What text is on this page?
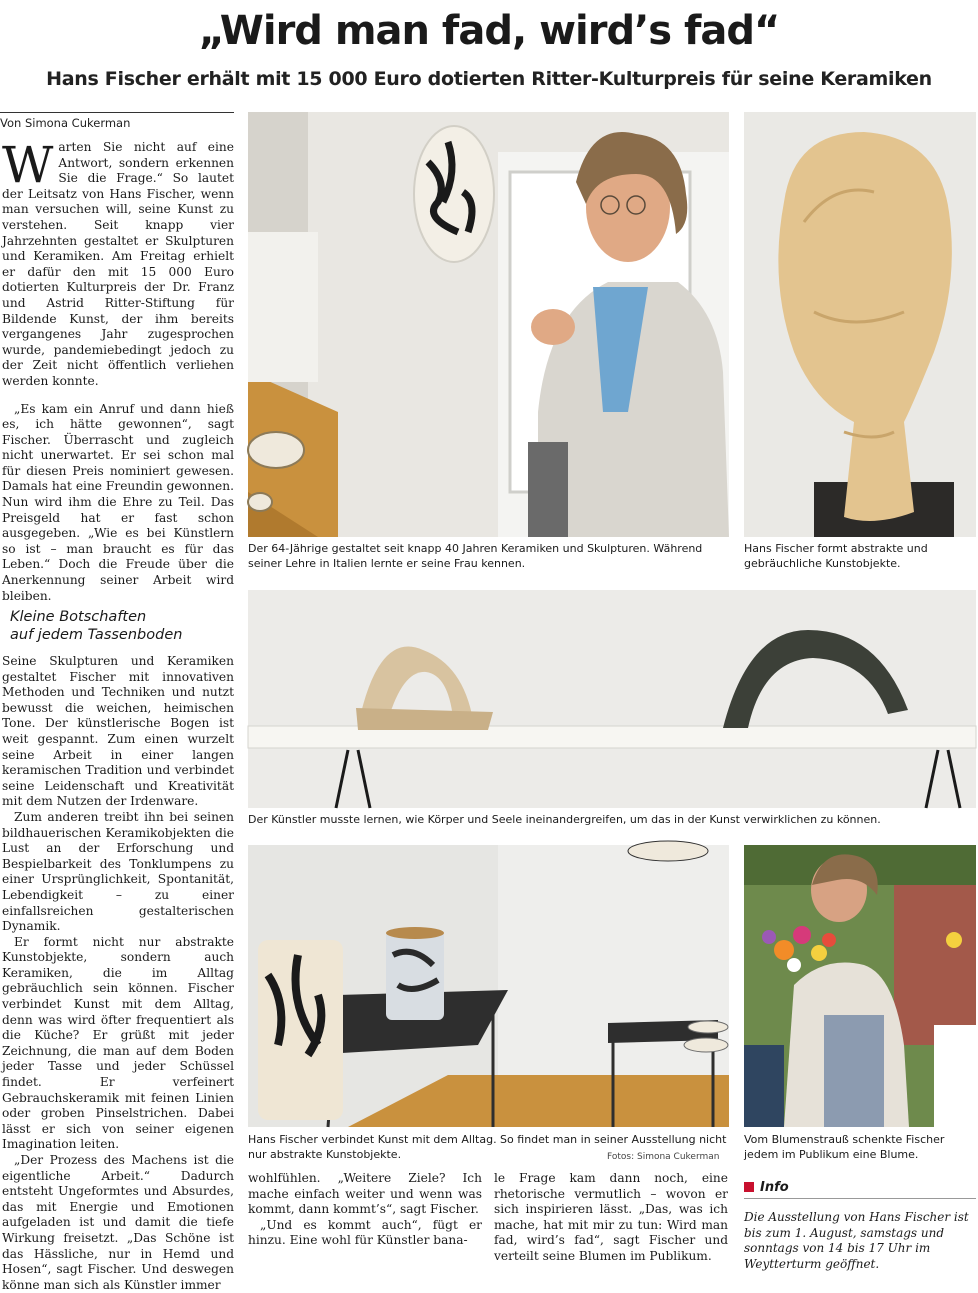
„Wird man fad, wird’s fad“
Hans Fischer erhält mit 15 000 Euro dotierten Ritter-Kulturpreis für seine Keramiken
Von Simona Cukerman

Warten Sie nicht auf eine Antwort, sondern erkennen Sie die Frage.“ So lautet der Leitsatz von Hans Fischer, wenn man versuchen will, seine Kunst zu verstehen. Seit knapp vier Jahrzehnten gestaltet er Skulpturen und Keramiken. Am Freitag erhielt er dafür den mit 15 000 Euro dotierten Kulturpreis der Dr. Franz und Astrid Ritter-Stiftung für Bildende Kunst, der ihm bereits vergangenes Jahr zugesprochen wurde, pandemiebedingt jedoch zu der Zeit nicht öffentlich verliehen werden konnte.

„Es kam ein Anruf und dann hieß es, ich hätte gewonnen“, sagt Fischer. Überrascht und zugleich nicht unerwartet. Er sei schon mal für diesen Preis nominiert gewesen. Damals hat eine Freundin gewonnen. Nun wird ihm die Ehre zu Teil. Das Preisgeld hat er fast schon ausgegeben. „Wie es bei Künstlern so ist – man braucht es für das Leben.“ Doch die Freude über die Anerkennung seiner Arbeit wird bleiben.

Kleine Botschaften
auf jedem Tassenboden

Seine Skulpturen und Keramiken gestaltet Fischer mit innovativen Methoden und Techniken und nutzt bewusst die weichen, heimischen Tone. Der künstlerische Bogen ist weit gespannt. Zum einen wurzelt seine Arbeit in einer langen keramischen Tradition und verbindet seine Leidenschaft und Kreativität mit dem Nutzen der Irdenware.

Zum anderen treibt ihn bei seinen bildhauerischen Keramikobjekten die Lust an der Erforschung und Bespielbarkeit des Tonklumpens zu einer Ursprünglichkeit, Spontanität, Lebendigkeit – zu einer einfallsreichen gestalterischen Dynamik.

Er formt nicht nur abstrakte Kunstobjekte, sondern auch Keramiken, die im Alltag gebräuchlich sein können. Fischer verbindet Kunst mit dem Alltag, denn was wird öfter frequentiert als die Küche? Er grüßt mit jeder Zeichnung, die man auf dem Boden jeder Tasse und jeder Schüssel findet. Er verfeinert Gebrauchskeramik mit feinen Linien oder groben Pinselstrichen. Dabei lässt er sich von seiner eigenen Imagination leiten.

„Der Prozess des Machens ist die eigentliche Arbeit.“ Dadurch entsteht Ungeformtes und Absurdes, das mit Energie und Emotionen aufgeladen ist und damit die tiefe Wirkung freisetzt. „Das Schöne ist das Hässliche, nur in Hemd und Hosen“, sagt Fischer. Und deswegen könne man sich als Künstler immer

wohlfühlen. „Weitere Ziele? Ich mache einfach weiter und wenn was kommt, dann kommt’s“, sagt Fischer.

„Und es kommt auch“, fügt er hinzu. Eine wohl für Künstler bana-

le Frage kam dann noch, eine rhetorische vermutlich – wovon er sich inspirieren lässt. „Das, was ich mache, hat mit mir zu tun: Wird man fad, wird’s fad“, sagt Fischer und verteilt seine Blumen im Publikum.

Der 64-Jährige gestaltet seit knapp 40 Jahren Keramiken und Skulpturen. Während seiner Lehre in Italien lernte er seine Frau kennen.
Hans Fischer formt abstrakte und gebräuchliche Kunstobjekte.
Der Künstler musste lernen, wie Körper und Seele ineinandergreifen, um das in der Kunst verwirklichen zu können.
Hans Fischer verbindet Kunst mit dem Alltag. So findet man in seiner Ausstellung nicht nur abstrakte Kunstobjekte.	Fotos: Simona Cukerman
Vom Blumenstrauß schenkte Fischer jedem im Publikum eine Blume.
Info
Die Ausstellung von Hans Fischer ist bis zum 1. August, samstags und sonntags von 14 bis 17 Uhr im Weytterturm geöffnet.
